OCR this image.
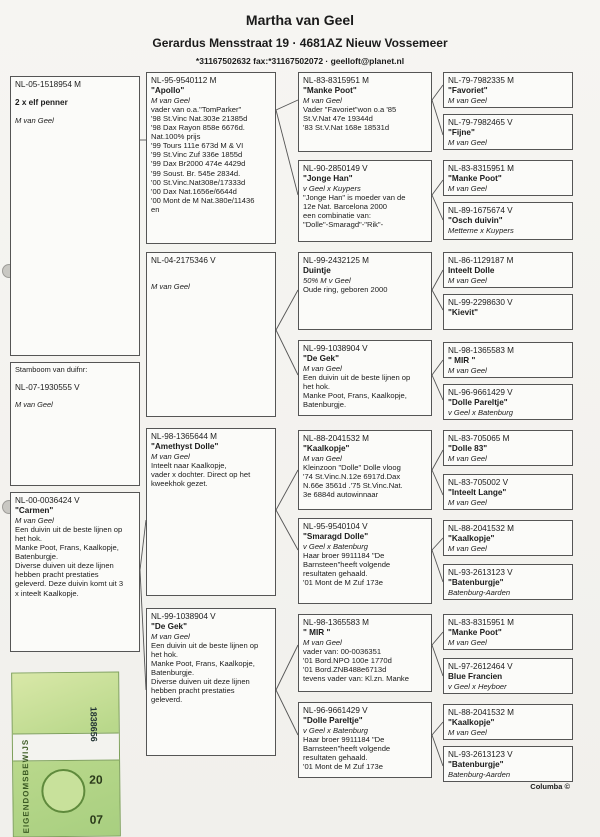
Martha van Geel
Gerardus Mensstraat 19 · 4681AZ Nieuw Vossemeer
*31167502632 fax:*31167502072 · geelloft@planet.nl
NL-05-1518954 M
2 x elf penner
M van Geel
Stamboom van duifnr:
NL-07-1930555 V
M van Geel
NL-00-0036424 V
"Carmen"
M van Geel
Een duivin uit de beste lijnen op
het hok.
Manke Poot, Frans, Kaalkopje,
Batenburgje.
Diverse duiven uit deze lijnen
hebben pracht prestaties
geleverd. Deze duivin komt uit 3
x inteelt Kaalkopje.
NL-95-9540112 M
"Apollo"
M van Geel
vader van o.a."TomParker"
'98 St.Vinc Nat.303e 21385d
'98 Dax Rayon 858e 6676d.
Nat.100% prijs
'99 Tours 111e 673d M & VI
'99 St.Vinc Zuf 336e 1855d
'99 Dax Br2000 474e 4429d
'99 Soust. Br. 545e 2834d.
'00 St.Vinc.Nat308e/17333d
'00 Dax Nat.1656e/6644d
'00 Mont de M Nat.380e/11436
en
NL-04-2175346 V
M van Geel
NL-98-1365644 M
"Amethyst Dolle"
M van Geel
Inteelt naar Kaalkopje,
vader x dochter. Direct op het
kweekhok gezet.
NL-99-1038904 V
"De Gek"
M van Geel
Een duivin uit de beste lijnen op
het hok.
Manke Poot, Frans, Kaalkopje,
Batenburgje.
Diverse duiven uit deze lijnen
hebben pracht prestaties
geleverd.
NL-83-8315951 M
"Manke Poot"
M van Geel
Vader "Favoriet"won o.a '85
St.V.Nat 47e 19344d
'83 St.V.Nat 168e 18531d
NL-90-2850149 V
"Jonge Han"
v Geel x Kuypers
"Jonge Han" is moeder van de
12e Nat. Barcelona 2000
een combinatie van:
"Dolle"-Smaragd"-"Rik"-
NL-99-2432125 M
Duintje
50% M v Geel
Oude ring, geboren 2000
NL-99-1038904 V
"De Gek"
M van Geel
Een duivin uit de beste lijnen op
het hok.
Manke Poot, Frans, Kaalkopje,
Batenburgje.
NL-88-2041532 M
"Kaalkopje"
M van Geel
Kleinzoon "Dolle" Dolle vloog
'74 St.Vinc.N.12e 6917d.Dax
N.66e 3561d .'75 St.Vinc.Nat.
3e 6884d autowinnaar
NL-95-9540104 V
"Smaragd Dolle"
v Geel x Batenburg
Haar broer 9911184 "De
Barnsteen"heeft volgende
resultaten gehaald.
'01 Mont de M Zuf 173e
NL-98-1365583 M
" MIR "
M van Geel
vader van: 00-0036351
'01 Bord.NPO 100e 1770d
'01 Bord.ZNB488e6713d
tevens vader van: Kl.zn. Manke
NL-96-9661429 V
"Dolle Pareltje"
v Geel x Batenburg
Haar broer 9911184 "De
Barnsteen"heeft volgende
resultaten gehaald.
'01 Mont de M Zuf 173e
NL-79-7982335 M
"Favoriet"
M van Geel
NL-79-7982465 V
"Fijne"
M van Geel
NL-83-8315951 M
"Manke Poot"
M van Geel
NL-89-1675674 V
"Osch duivin"
Metterne x Kuypers
NL-86-1129187 M
Inteelt Dolle
M van Geel
NL-99-2298630 V
"Kievit"
NL-98-1365583 M
" MIR "
M van Geel
NL-96-9661429 V
"Dolle Pareltje"
v Geel x Batenburg
NL-83-705065 M
"Dolle 83"
M van Geel
NL-83-705002 V
"Inteelt Lange"
M van Geel
NL-88-2041532 M
"Kaalkopje"
M van Geel
NL-93-2613123 V
"Batenburgje"
Batenburg-Aarden
NL-83-8315951 M
"Manke Poot"
M van Geel
NL-97-2612464 V
Blue Francien
v Geel x Heyboer
NL-88-2041532 M
"Kaalkopje"
M van Geel
NL-93-2613123 V
"Batenburgje"
Batenburg-Aarden
Columba ©
1838656
20
07
EIGENDOMSBEWIJS
